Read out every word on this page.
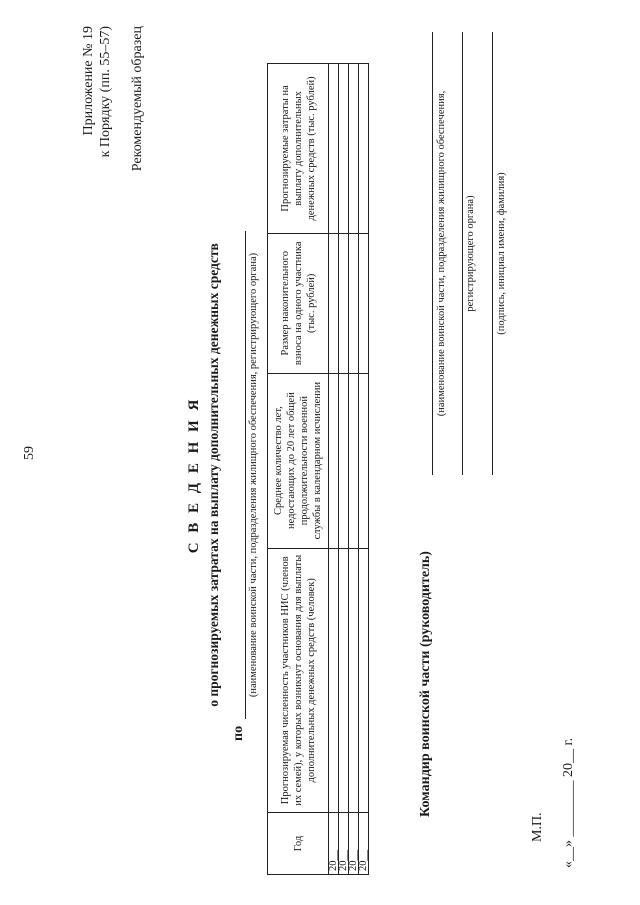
59
Приложение № 19 к Порядку (пп. 55–57) Рекомендуемый образец
С В Е Д Е Н И Я о прогнозируемых затратах на выплату дополнительных денежных средств
по
(наименование воинской части, подразделения жилищного обеспечения, регистрирующего органа)
Год	Прогнозируемая численность участников НИС (членов их семей), у которых возникнут основания для выплаты дополнительных денежных средств (человек)	Среднее количество лет, недостающих до 20 лет общей продолжительности военной службы в календарном исчислении	Размер накопительного взноса на одного участника (тыс. рублей)	Прогнозируемые затраты на выплату дополнительных денежных средств (тыс. рублей)
20__				
20__				
20__				
20__				
Командир воинской части (руководитель)
(наименование воинской части, подразделения жилищного обеспечения, регистрирующего органа) (подпись, инициал имени, фамилия)
М.П. «__» ________ 20__ г.
